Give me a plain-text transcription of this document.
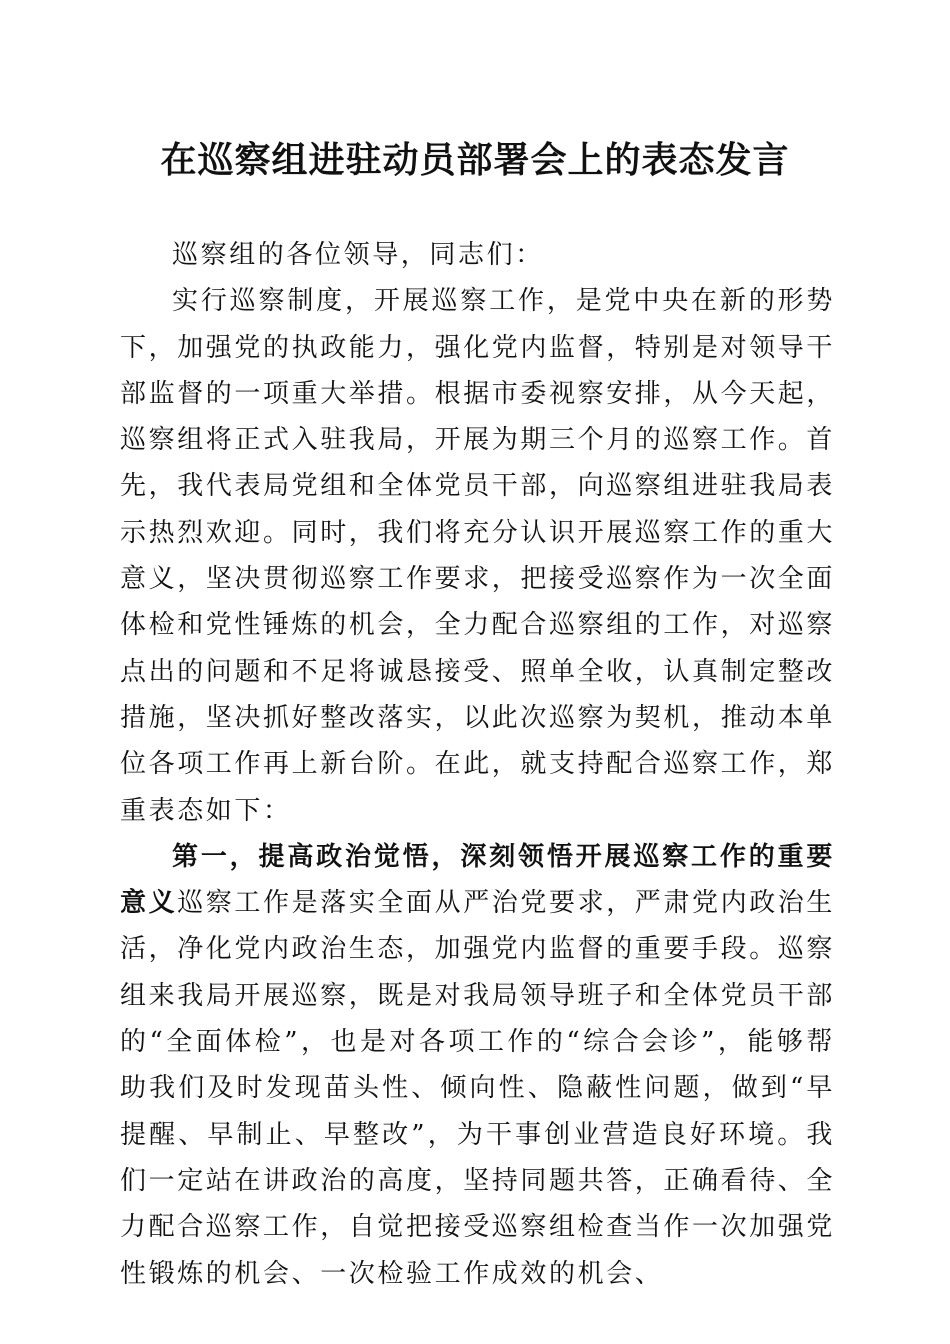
在巡察组进驻动员部署会上的表态发言

巡察组的各位领导，同志们：

实行巡察制度，开展巡察工作，是党中央在新的形势下，加强党的执政能力，强化党内监督，特别是对领导干部监督的一项重大举措。根据市委视察安排，从今天起，巡察组将正式入驻我局，开展为期三个月的巡察工作。首先，我代表局党组和全体党员干部，向巡察组进驻我局表示热烈欢迎。同时，我们将充分认识开展巡察工作的重大意义，坚决贯彻巡察工作要求，把接受巡察作为一次全面体检和党性锤炼的机会，全力配合巡察组的工作，对巡察点出的问题和不足将诚恳接受、照单全收，认真制定整改措施，坚决抓好整改落实，以此次巡察为契机，推动本单位各项工作再上新台阶。在此，就支持配合巡察工作，郑重表态如下：

第一，提高政治觉悟，深刻领悟开展巡察工作的重要意义巡察工作是落实全面从严治党要求，严肃党内政治生活，净化党内政治生态，加强党内监督的重要手段。巡察组来我局开展巡察，既是对我局领导班子和全体党员干部的“全面体检”，也是对各项工作的“综合会诊”，能够帮助我们及时发现苗头性、倾向性、隐蔽性问题，做到“早提醒、早制止、早整改”，为干事创业营造良好环境。我们一定站在讲政治的高度，坚持同题共答，正确看待、全力配合巡察工作，自觉把接受巡察组检查当作一次加强党性锻炼的机会、一次检验工作成效的机会、
